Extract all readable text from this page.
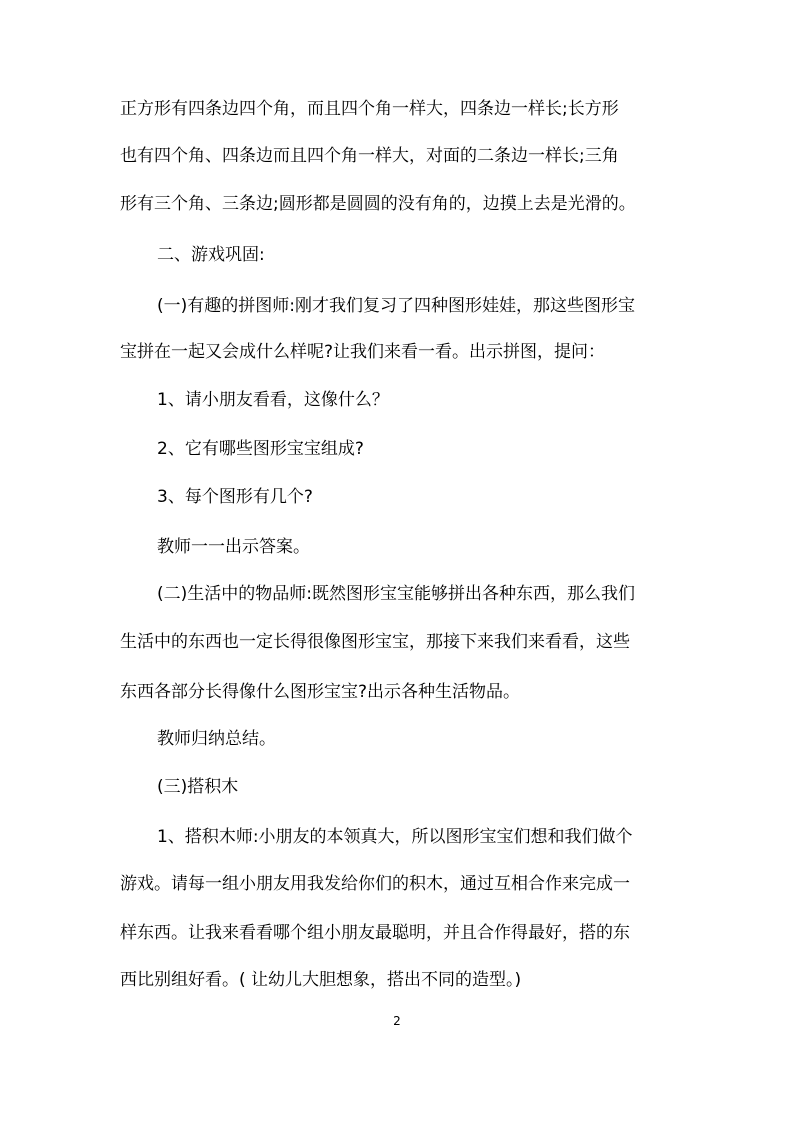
正方形有四条边四个角，而且四个角一样大，四条边一样长;长方形
也有四个角、四条边而且四个角一样大，对面的二条边一样长;三角
形有三个角、三条边;圆形都是圆圆的没有角的，边摸上去是光滑的。
二、游戏巩固:
(一)有趣的拼图师:刚才我们复习了四种图形娃娃，那这些图形宝
宝拼在一起又会成什么样呢?让我们来看一看。出示拼图，提问：
1、请小朋友看看，这像什么？
2、它有哪些图形宝宝组成?
3、每个图形有几个?
教师一一出示答案。
(二)生活中的物品师:既然图形宝宝能够拼出各种东西，那么我们
生活中的东西也一定长得很像图形宝宝，那接下来我们来看看，这些
东西各部分长得像什么图形宝宝?出示各种生活物品。
教师归纳总结。
(三)搭积木
1、搭积木师:小朋友的本领真大，所以图形宝宝们想和我们做个
游戏。请每一组小朋友用我发给你们的积木，通过互相合作来完成一
样东西。让我来看看哪个组小朋友最聪明，并且合作得最好，搭的东
西比别组好看。( 让幼儿大胆想象，搭出不同的造型。)
2
